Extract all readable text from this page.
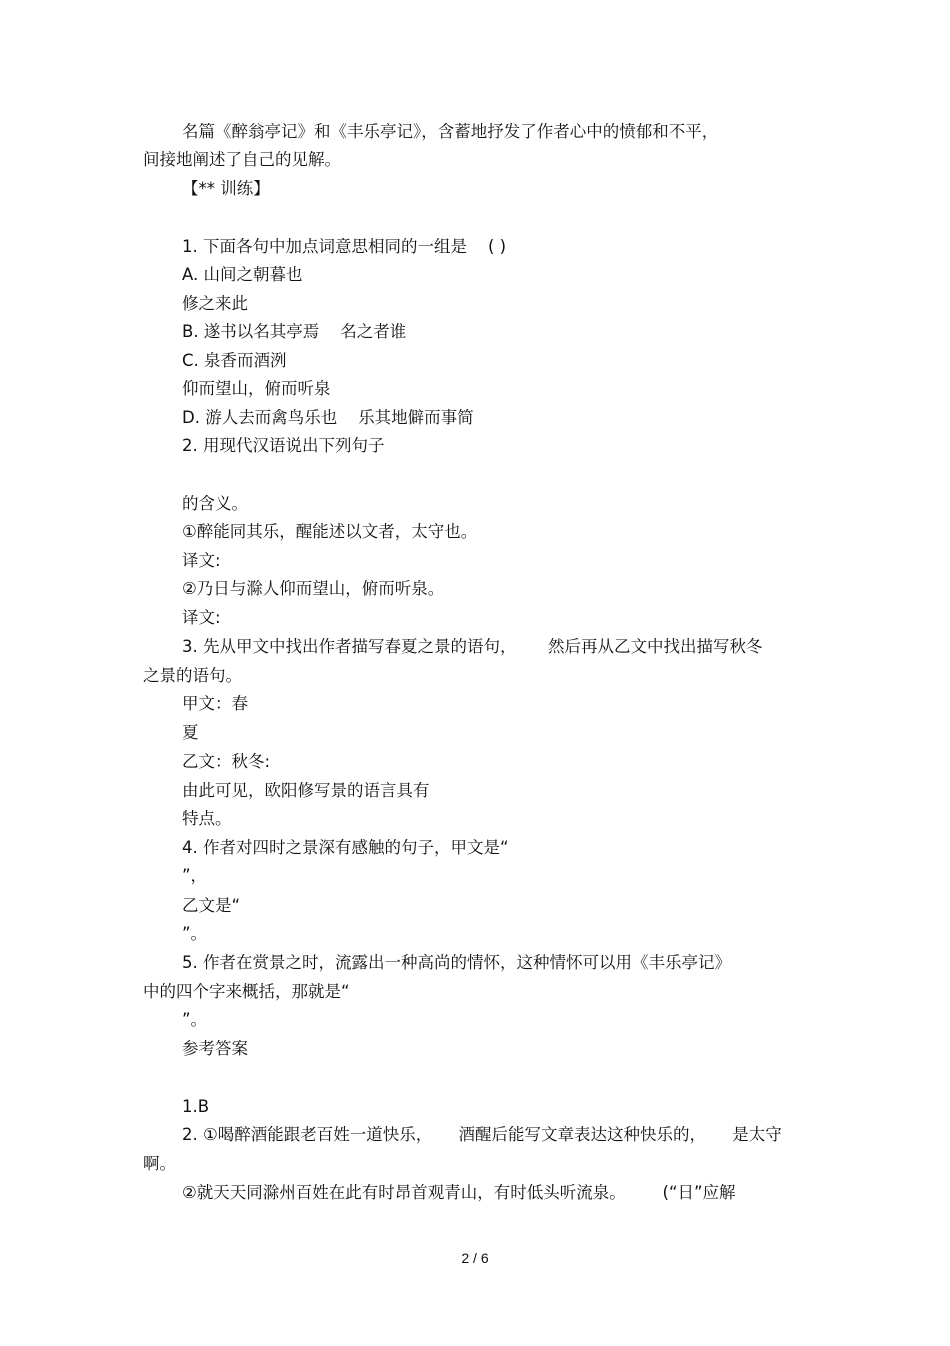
名篇《醉翁亭记》和《丰乐亭记》，含蓄地抒发了作者心中的愤郁和不平，
间接地阐述了自己的见解。
【** 训练】
1. 下面各句中加点词意思相同的一组是    ( )
A. 山间之朝暮也
修之来此
B. 遂书以名其亭焉    名之者谁
C. 泉香而酒洌
仰而望山，俯而听泉
D. 游人去而禽鸟乐也    乐其地僻而事简
2. 用现代汉语说出下列句子
的含义。
①醉能同其乐，醒能述以文者，太守也。
译文:
②乃日与滁人仰而望山，俯而听泉。
译文:
3. 先从甲文中找出作者描写春夏之景的语句，      然后再从乙文中找出描写秋冬
之景的语句。
甲文：春
夏
乙文：秋冬:
由此可见，欧阳修写景的语言具有
特点。
4. 作者对四时之景深有感触的句子，甲文是“
”，
乙文是“
”。
5. 作者在赏景之时，流露出一种高尚的情怀，这种情怀可以用《丰乐亭记》
中的四个字来概括，那就是“
”。
参考答案
1.B
2. ①喝醉酒能跟老百姓一道快乐，     酒醒后能写文章表达这种快乐的，     是太守
啊。
②就天天同滁州百姓在此有时昂首观青山，有时低头听流泉。       (“日”应解
2 / 6
